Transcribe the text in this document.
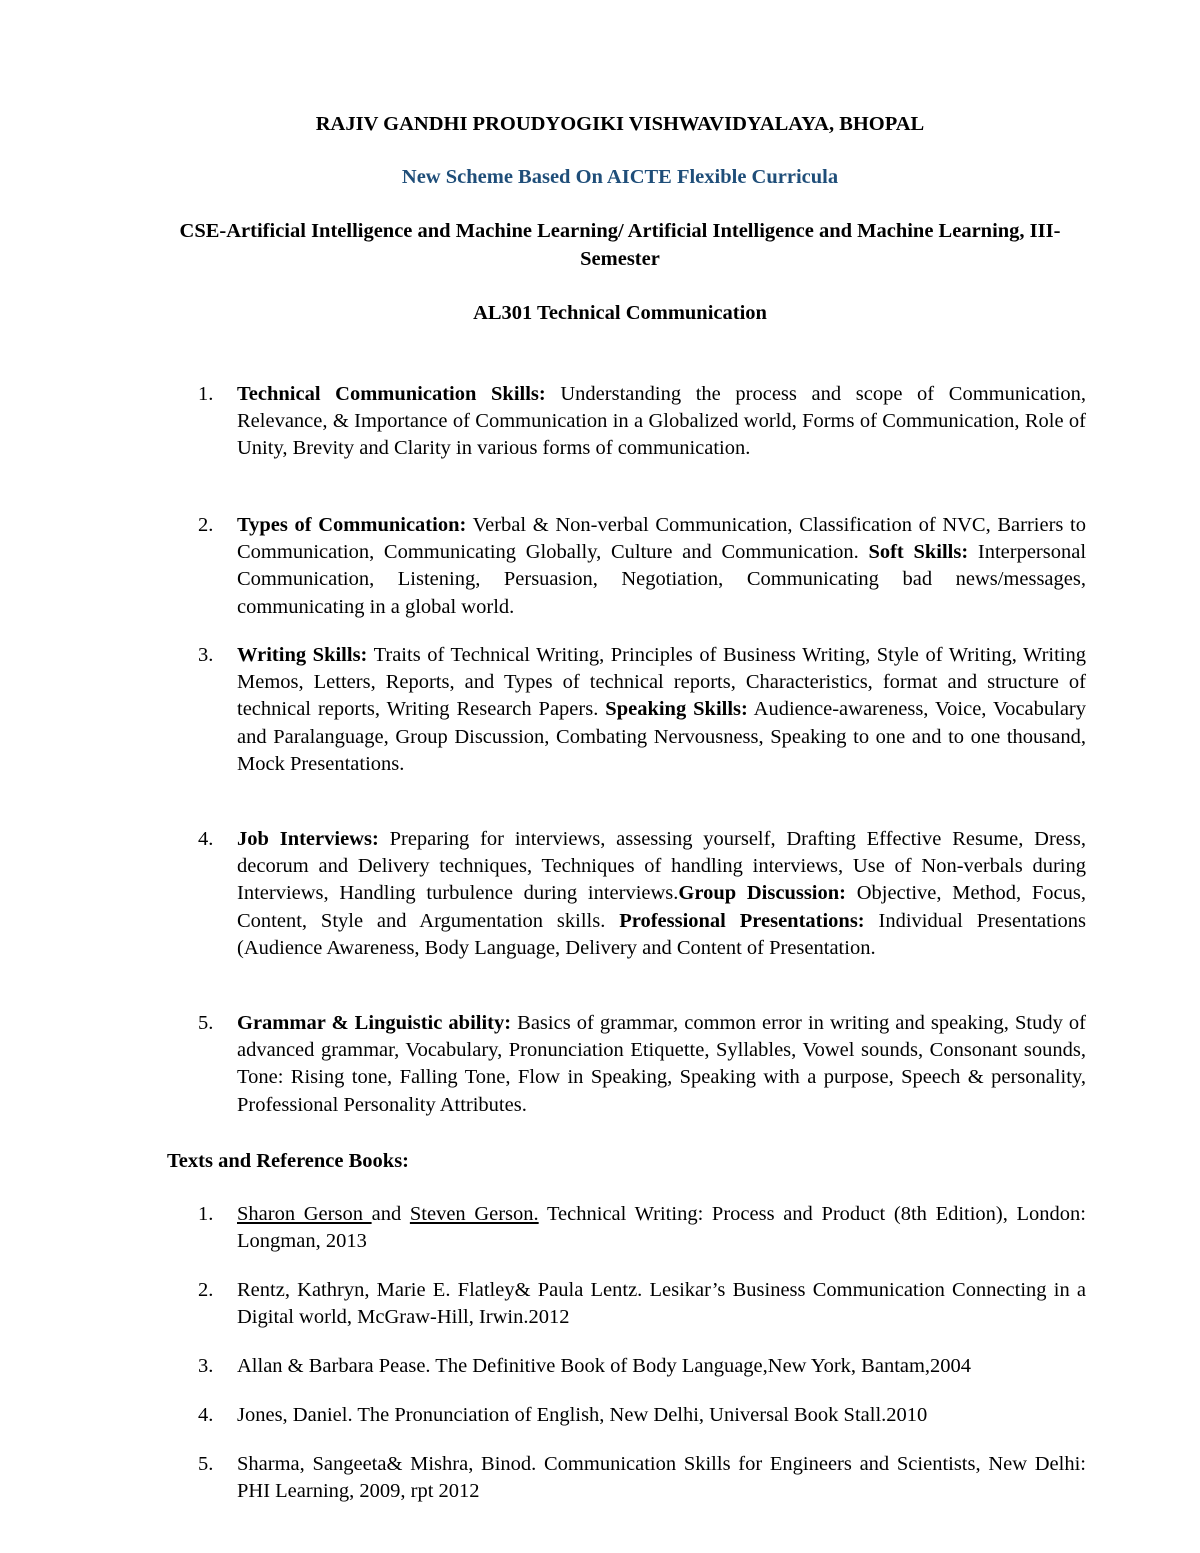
RAJIV GANDHI PROUDYOGIKI VISHWAVIDYALAYA, BHOPAL
New Scheme Based On AICTE Flexible Curricula
CSE-Artificial Intelligence and Machine Learning/ Artificial Intelligence and Machine Learning, III-Semester
AL301 Technical Communication
1.	Technical Communication Skills: Understanding the process and scope of Communication, Relevance, & Importance of Communication in a Globalized world, Forms of Communication, Role of Unity, Brevity and Clarity in various forms of communication.
2.	Types of Communication: Verbal & Non-verbal Communication, Classification of NVC, Barriers to Communication, Communicating Globally, Culture and Communication. Soft Skills: Interpersonal Communication, Listening, Persuasion, Negotiation, Communicating bad news/messages, communicating in a global world.
3.	Writing Skills: Traits of Technical Writing, Principles of Business Writing, Style of Writing, Writing Memos, Letters, Reports, and Types of technical reports, Characteristics, format and structure of technical reports, Writing Research Papers. Speaking Skills: Audience-awareness, Voice, Vocabulary and Paralanguage, Group Discussion, Combating Nervousness, Speaking to one and to one thousand, Mock Presentations.
4.	Job Interviews: Preparing for interviews, assessing yourself, Drafting Effective Resume, Dress, decorum and Delivery techniques, Techniques of handling interviews, Use of Non-verbals during Interviews, Handling turbulence during interviews.Group Discussion: Objective, Method, Focus, Content, Style and Argumentation skills. Professional Presentations: Individual Presentations (Audience Awareness, Body Language, Delivery and Content of Presentation.
5.	Grammar & Linguistic ability: Basics of grammar, common error in writing and speaking, Study of advanced grammar, Vocabulary, Pronunciation Etiquette, Syllables, Vowel sounds, Consonant sounds, Tone: Rising tone, Falling Tone, Flow in Speaking, Speaking with a purpose, Speech & personality, Professional Personality Attributes.
Texts and Reference Books:
1.	Sharon Gerson and Steven Gerson. Technical Writing: Process and Product (8th Edition), London: Longman, 2013
2.	Rentz, Kathryn, Marie E. Flatley& Paula Lentz. Lesikar’s Business Communication Connecting in a Digital world, McGraw-Hill, Irwin.2012
3.	Allan & Barbara Pease. The Definitive Book of Body Language,New York, Bantam,2004
4.	Jones, Daniel. The Pronunciation of English, New Delhi, Universal Book Stall.2010
5.	Sharma, Sangeeta& Mishra, Binod. Communication Skills for Engineers and Scientists, New Delhi: PHI Learning, 2009, rpt 2012
